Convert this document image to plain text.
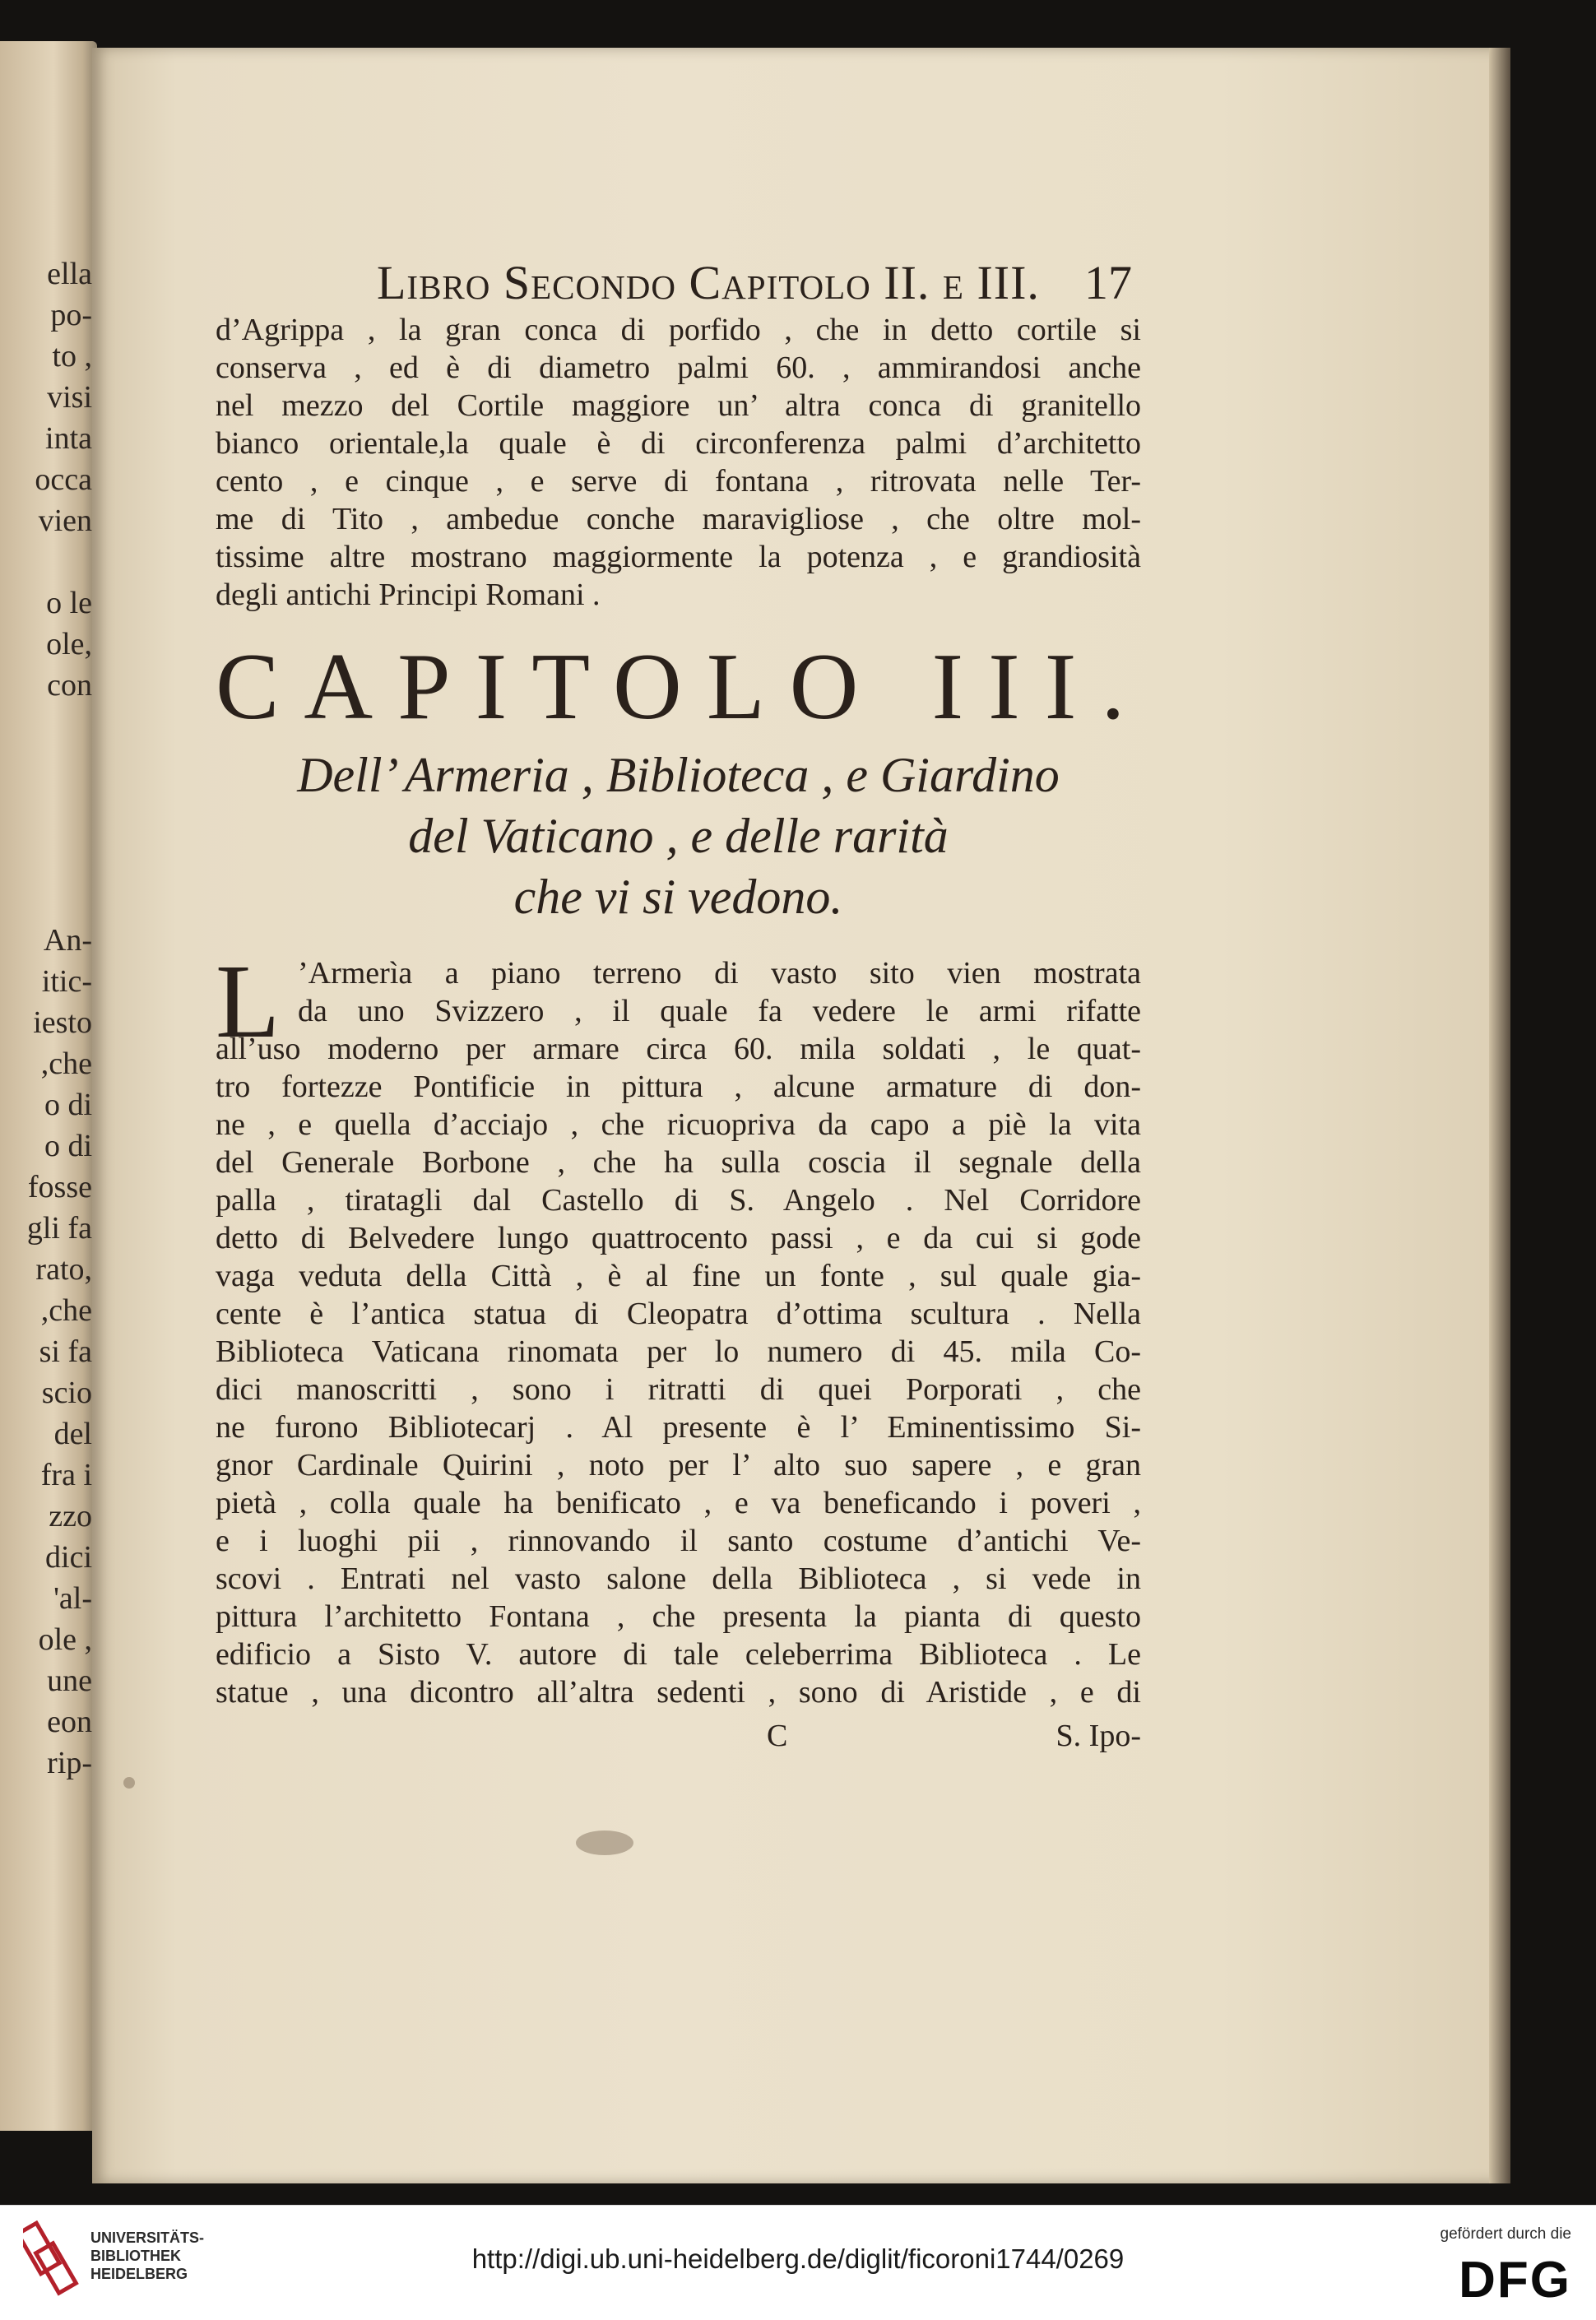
ella
po-
to ,
visi
inta
occa
vien
o le
ole,
con
An-
itic-
iesto
,che
o di
o di
fosse
gli fa
rato,
,che
si fa
scio
del
fra i
zzo
dici
'al-
ole ,
une
eon
rip-
Libro Secondo Capitolo II. e III. 17
d’Agrippa , la gran conca di porfido , che in detto cortile si
conserva , ed è di diametro palmi 60. , ammirandosi anche
nel mezzo del Cortile maggiore un’ altra conca di granitello
bianco orientale,la quale è di circonferenza palmi d’architetto
cento , e cinque , e serve di fontana , ritrovata nelle Ter-
me di Tito , ambedue conche maravigliose , che oltre mol-
tissime altre mostrano maggiormente la potenza , e grandiosità
degli antichi Principi Romani .
CAPITOLO III.
Dell’ Armeria , Biblioteca , e Giardino
del Vaticano , e delle rarità
che vi si vedono.
L ’Armerìa a piano terreno di vasto sito vien mostrata
da uno Svizzero , il quale fa vedere le armi rifatte
all’uso moderno per armare circa 60. mila soldati , le quat-
tro fortezze Pontificie in pittura , alcune armature di don-
ne , e quella d’acciajo , che ricuopriva da capo a piè la vita
del Generale Borbone , che ha sulla coscia il segnale della
palla , tiratagli dal Castello di S. Angelo . Nel Corridore
detto di Belvedere lungo quattrocento passi , e da cui si gode
vaga veduta della Città , è al fine un fonte , sul quale gia-
cente è l’antica statua di Cleopatra d’ottima scultura . Nella
Biblioteca Vaticana rinomata per lo numero di 45. mila Co-
dici manoscritti , sono i ritratti di quei Porporati , che
ne furono Bibliotecarj . Al presente è l’ Eminentissimo Si-
gnor Cardinale Quirini , noto per l’ alto suo sapere , e gran
pietà , colla quale ha benificato , e va beneficando i poveri ,
e i luoghi pii , rinnovando il santo costume d’antichi Ve-
scovi . Entrati nel vasto salone della Biblioteca , si vede in
pittura l’architetto Fontana , che presenta la pianta di questo
edificio a Sisto V. autore di tale celeberrima Biblioteca . Le
statue , una dicontro all’altra sedenti , sono di Aristide , e di
C	S. Ipo-
UNIVERSITÄTS-
BIBLIOTHEK
HEIDELBERG	http://digi.ub.uni-heidelberg.de/diglit/ficoroni1744/0269
gefördert durch die
DFG
